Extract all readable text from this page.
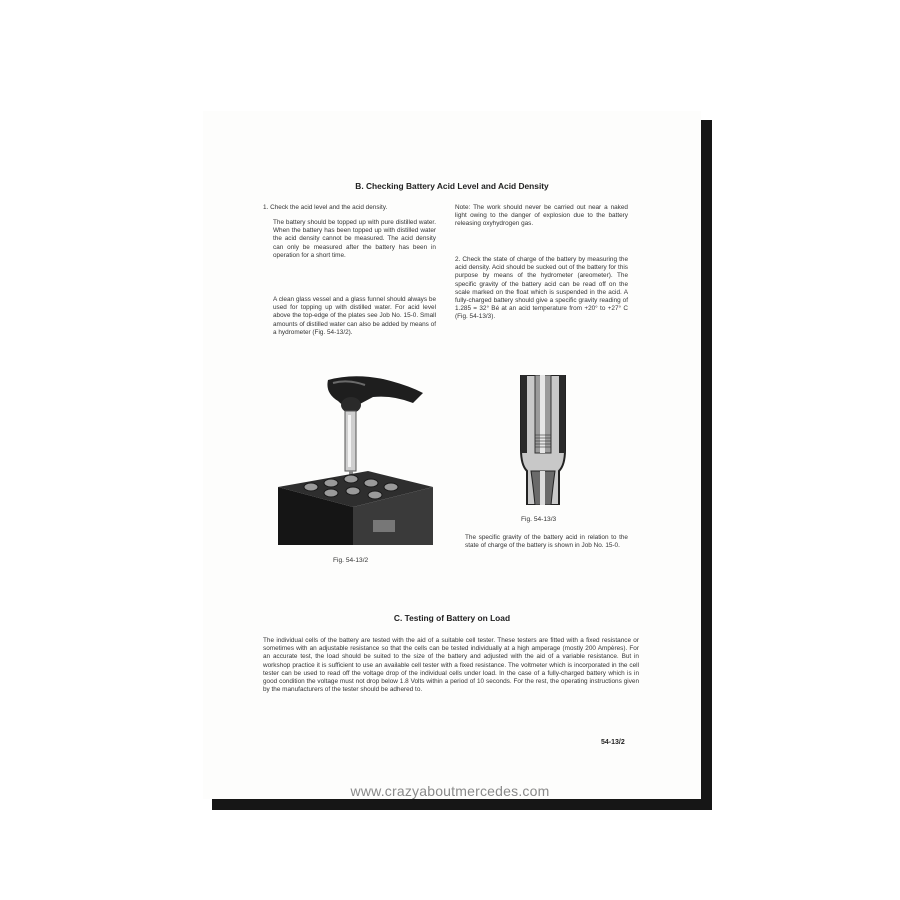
B. Checking Battery Acid Level and Acid Density

1. Check the acid level and the acid density.

The battery should be topped up with pure distilled water. When the battery has been topped up with distilled water the acid density cannot be measured. The acid density can only be measured after the battery has been in operation for a short time.

A clean glass vessel and a glass funnel should always be used for topping up with distilled water. For acid level above the top-edge of the plates see Job No. 15-0. Small amounts of distilled water can also be added by means of a hydrometer (Fig. 54-13/2).

Note: The work should never be carried out near a naked light owing to the danger of explosion due to the battery releasing oxyhydrogen gas.

2. Check the state of charge of the battery by measuring the acid density. Acid should be sucked out of the battery for this purpose by means of the hydrometer (areometer). The specific gravity of the battery acid can be read off on the scale marked on the float which is suspended in the acid. A fully-charged battery should give a specific gravity reading of 1.285 = 32° Bé at an acid temperature from +20° to +27° C (Fig. 54-13/3).

Fig. 54-13/2
Fig. 54-13/3

The specific gravity of the battery acid in relation to the state of charge of the battery is shown in Job No. 15-0.

C. Testing of Battery on Load

The individual cells of the battery are tested with the aid of a suitable cell tester. These testers are fitted with a fixed resistance or sometimes with an adjustable resistance so that the cells can be tested individually at a high amperage (mostly 200 Ampères). For an accurate test, the load should be suited to the size of the battery and adjusted with the aid of a variable resistance. But in workshop practice it is sufficient to use an available cell tester with a fixed resistance. The voltmeter which is incorporated in the cell tester can be used to read off the voltage drop of the individual cells under load. In the case of a fully-charged battery which is in good condition the voltage must not drop below 1.8 Volts within a period of 10 seconds. For the rest, the operating instructions given by the manufacturers of the tester should be adhered to.

54-13/2
www.crazyaboutmercedes.com
